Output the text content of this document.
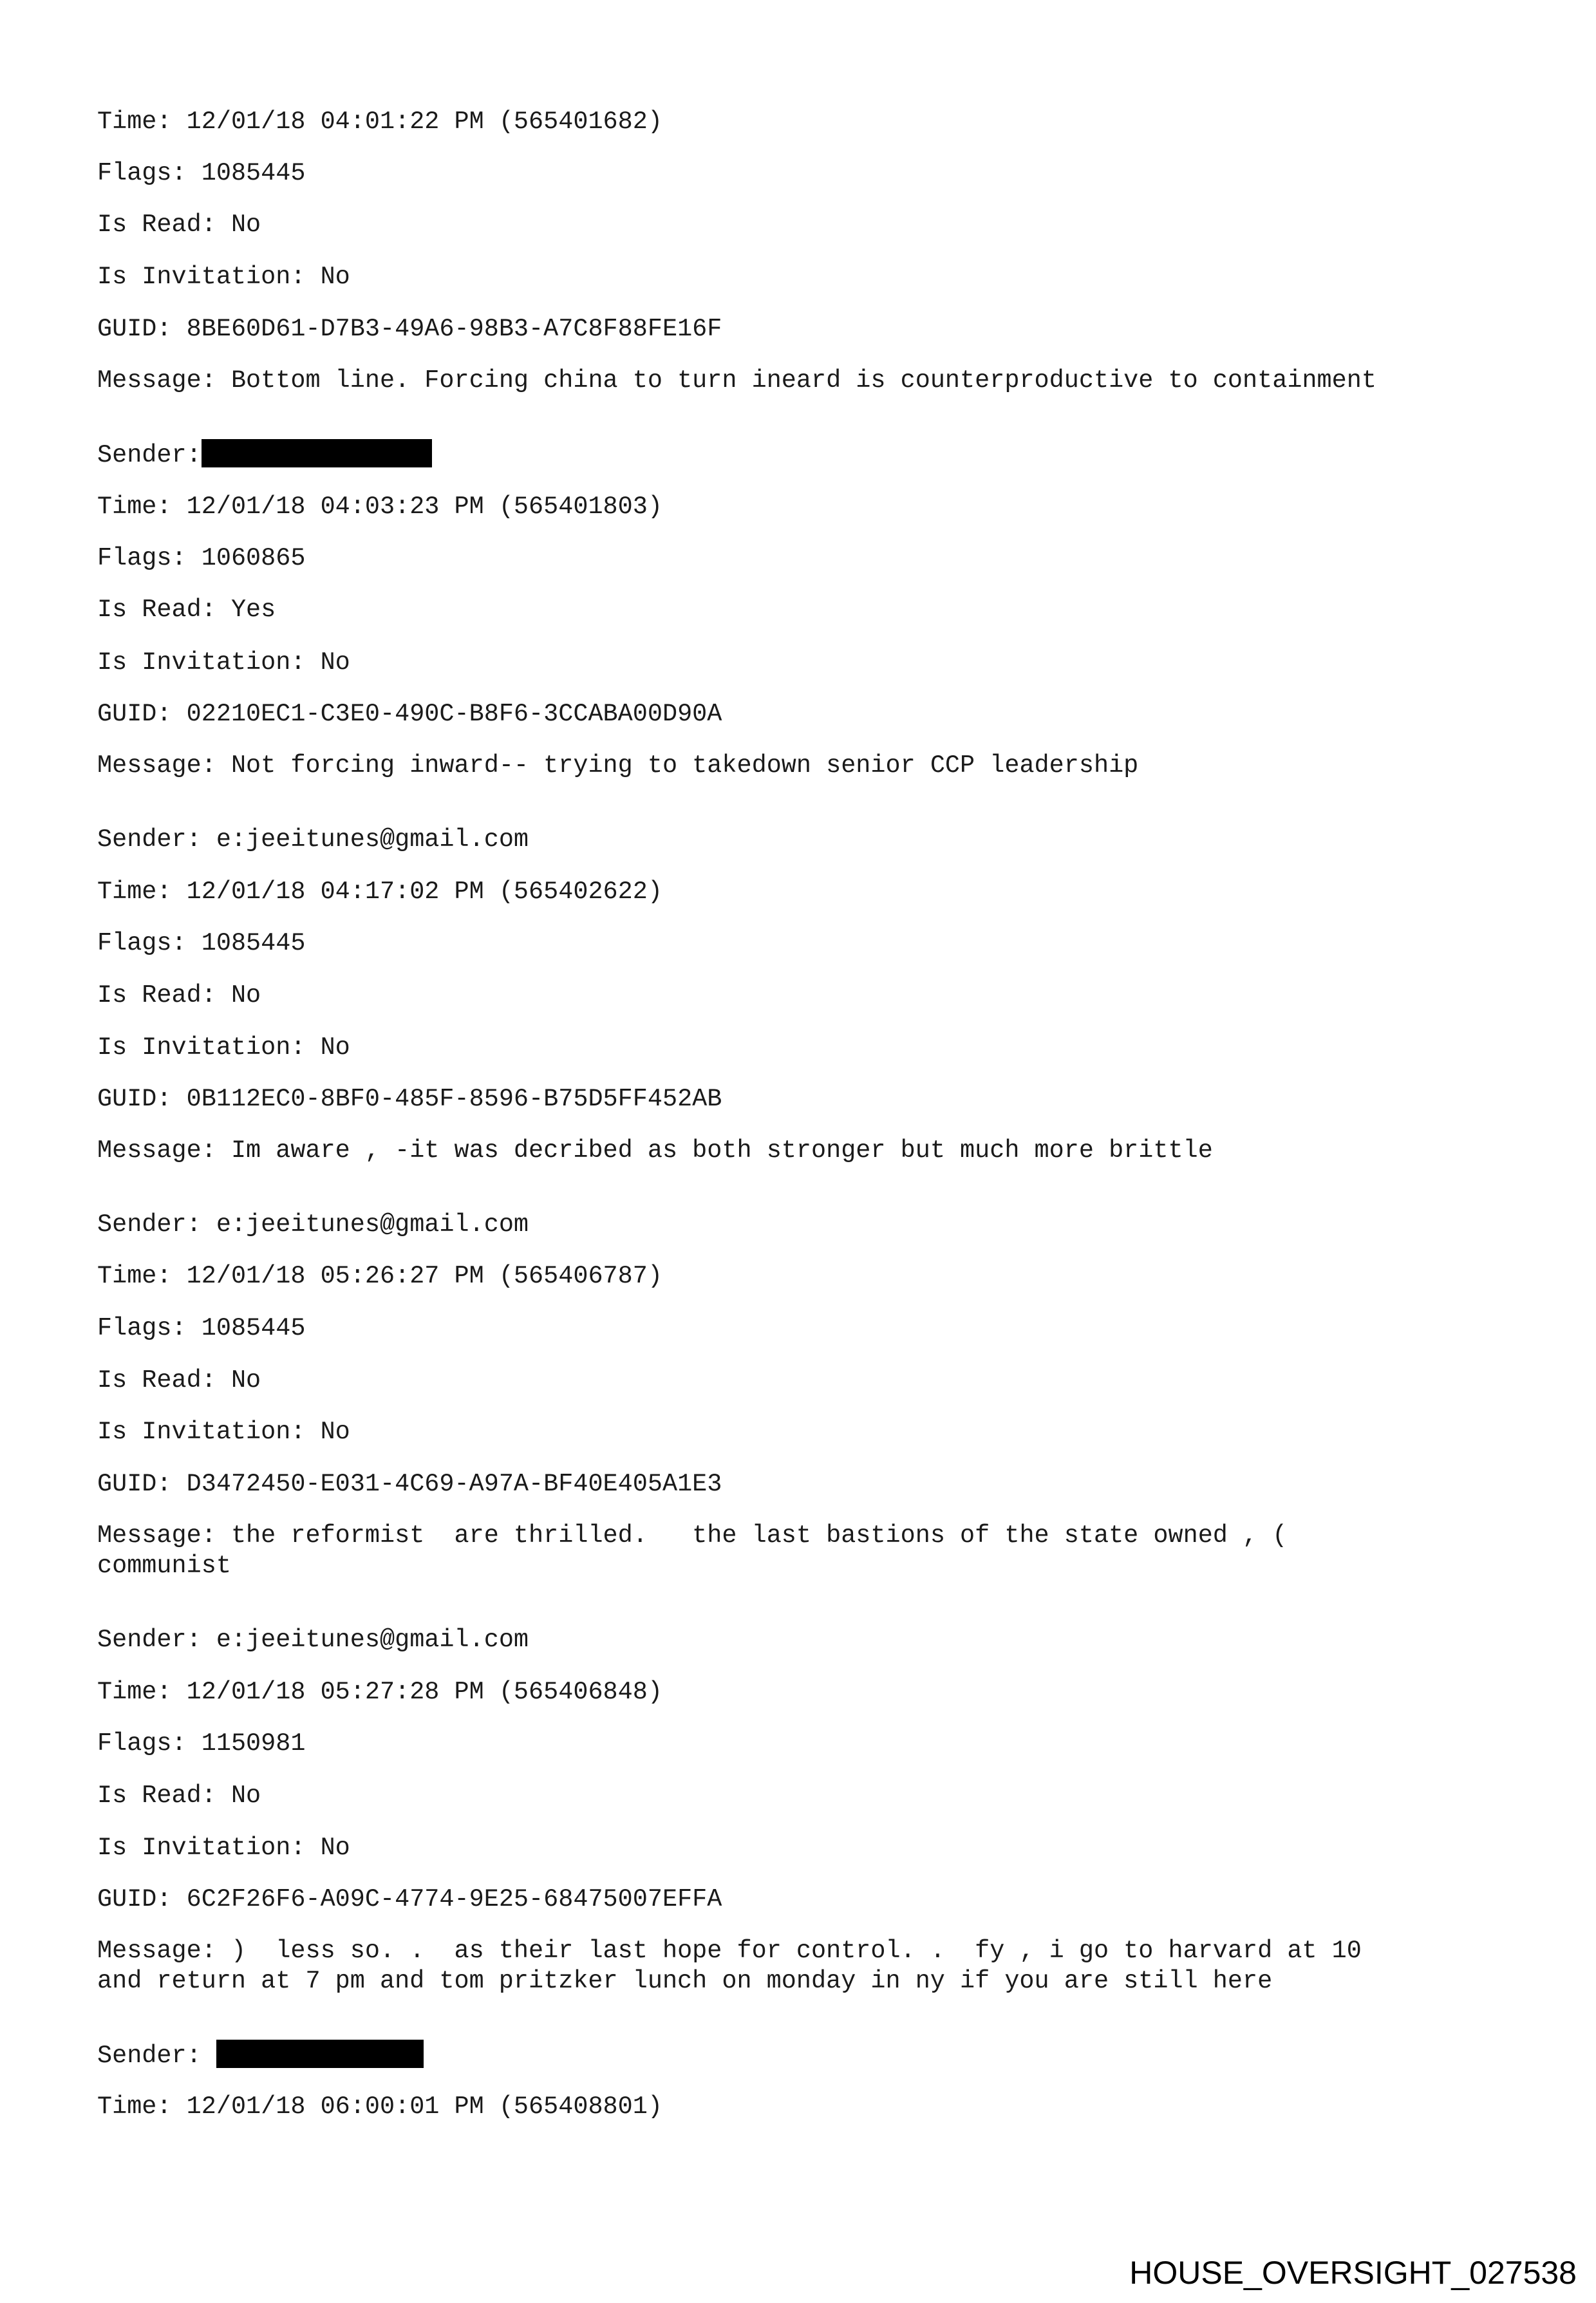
Time: 12/01/18 04:01:22 PM (565401682)
Flags: 1085445
Is Read: No
Is Invitation: No
GUID: 8BE60D61-D7B3-49A6-98B3-A7C8F88FE16F
Message: Bottom line. Forcing china to turn ineard is counterproductive to containment
Sender:
Time: 12/01/18 04:03:23 PM (565401803)
Flags: 1060865
Is Read: Yes
Is Invitation: No
GUID: 02210EC1-C3E0-490C-B8F6-3CCABA00D90A
Message: Not forcing inward-- trying to takedown senior CCP leadership
Sender: e:jeeitunes@gmail.com
Time: 12/01/18 04:17:02 PM (565402622)
Flags: 1085445
Is Read: No
Is Invitation: No
GUID: 0B112EC0-8BF0-485F-8596-B75D5FF452AB
Message: Im aware , -it was decribed as both stronger but much more brittle
Sender: e:jeeitunes@gmail.com
Time: 12/01/18 05:26:27 PM (565406787)
Flags: 1085445
Is Read: No
Is Invitation: No
GUID: D3472450-E031-4C69-A97A-BF40E405A1E3
Message: the reformist  are thrilled.   the last bastions of the state owned , (
communist
Sender: e:jeeitunes@gmail.com
Time: 12/01/18 05:27:28 PM (565406848)
Flags: 1150981
Is Read: No
Is Invitation: No
GUID: 6C2F26F6-A09C-4774-9E25-68475007EFFA
Message: )  less so. .  as their last hope for control. .  fy , i go to harvard at 10
and return at 7 pm and tom pritzker lunch on monday in ny if you are still here
Sender:
Time: 12/01/18 06:00:01 PM (565408801)
HOUSE_OVERSIGHT_027538
